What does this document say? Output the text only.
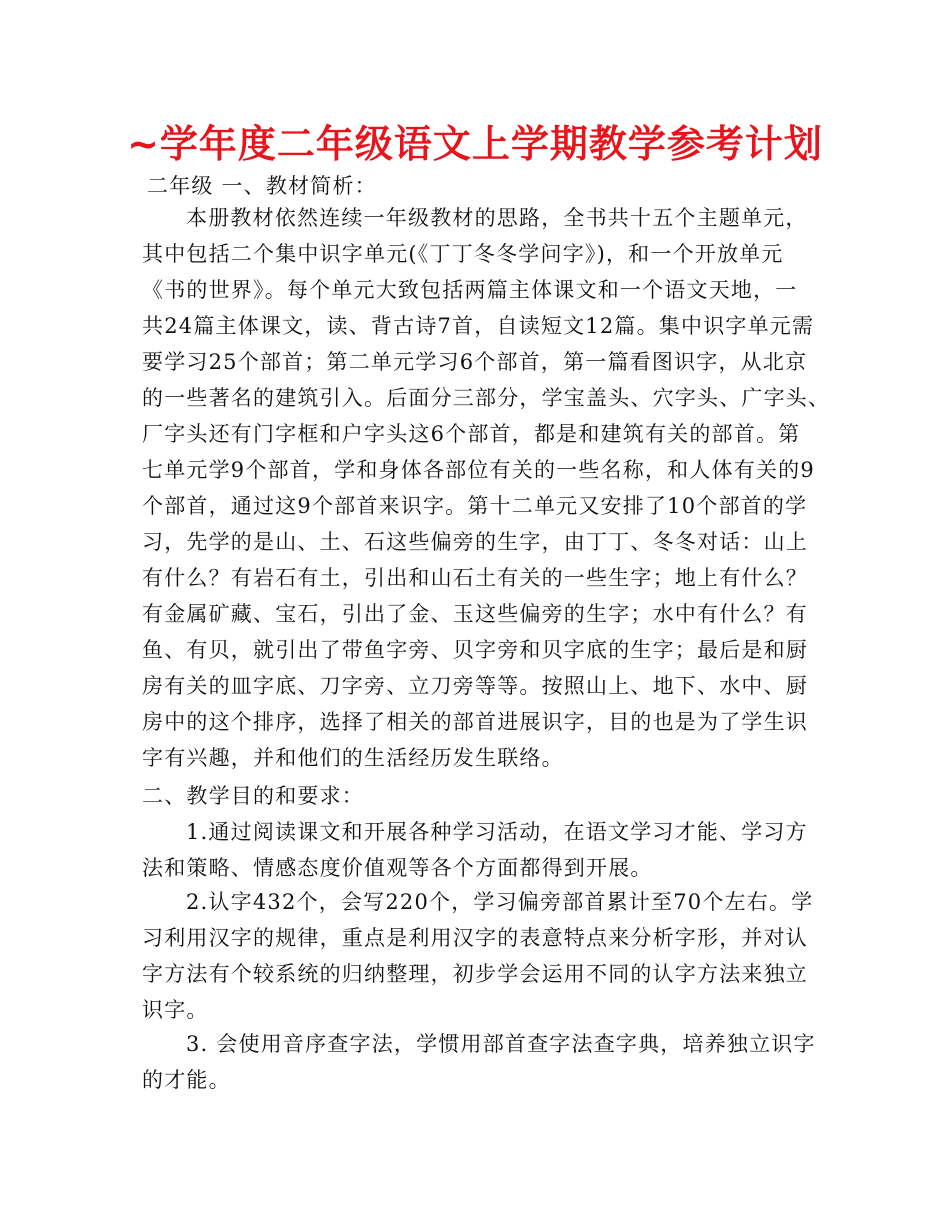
~学年度二年级语文上学期教学参考计划
二年级 一、教材简析：
本册教材依然连续一年级教材的思路，全书共十五个主题单元，
其中包括二个集中识字单元(《丁丁冬冬学问字》)，和一个开放单元
《书的世界》。每个单元大致包括两篇主体课文和一个语文天地，一
共24篇主体课文，读、背古诗7首，自读短文12篇。集中识字单元需
要学习25个部首；第二单元学习6个部首，第一篇看图识字，从北京
的一些著名的建筑引入。后面分三部分，学宝盖头、穴字头、广字头、
厂字头还有门字框和户字头这6个部首，都是和建筑有关的部首。第
七单元学9个部首，学和身体各部位有关的一些名称，和人体有关的9
个部首，通过这9个部首来识字。第十二单元又安排了10个部首的学
习，先学的是山、土、石这些偏旁的生字，由丁丁、冬冬对话：山上
有什么？有岩石有土，引出和山石土有关的一些生字；地上有什么？
有金属矿藏、宝石，引出了金、玉这些偏旁的生字；水中有什么？有
鱼、有贝，就引出了带鱼字旁、贝字旁和贝字底的生字；最后是和厨
房有关的皿字底、刀字旁、立刀旁等等。按照山上、地下、水中、厨
房中的这个排序，选择了相关的部首进展识字，目的也是为了学生识
字有兴趣，并和他们的生活经历发生联络。
二、教学目的和要求：
1.通过阅读课文和开展各种学习活动，在语文学习才能、学习方
法和策略、情感态度价值观等各个方面都得到开展。
2.认字432个，会写220个，学习偏旁部首累计至70个左右。学
习利用汉字的规律，重点是利用汉字的表意特点来分析字形，并对认
字方法有个较系统的归纳整理，初步学会运用不同的认字方法来独立
识字。
3. 会使用音序查字法，学惯用部首查字法查字典，培养独立识字
的才能。
